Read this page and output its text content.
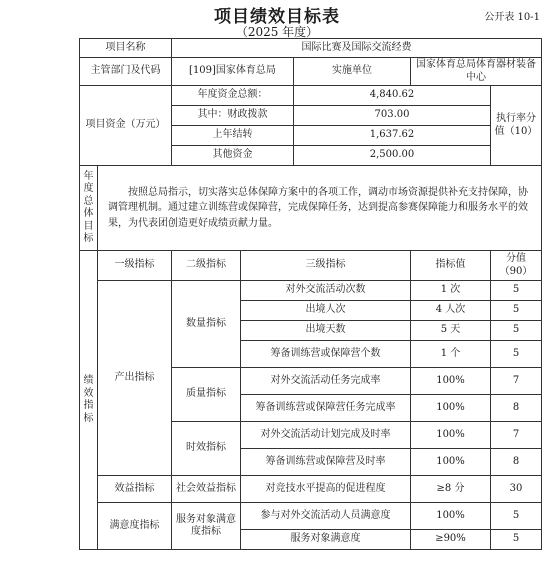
项目绩效目标表
（2025 年度）
公开表 10-1
项目名称		国际比赛及国际交流经费				
主管部门及代码		[109]国家体育总局		实施单位	国家体育总局体育器材装备中心	
项目资金（万元）		年度资金总额：		4,840.62		执行率分值（10）
		其中：财政拨款		703.00		
		上年结转		1,637.62		
		其他资金		2,500.00		
年度总体目标	按照总局指示，切实落实总体保障方案中的各项工作，调动市场资源提供补充支持保障，协调管理机制。通过建立训练营或保障营，完成保障任务，达到提高参赛保障能力和服务水平的效果，为代表团创造更好成绩贡献力量。					
绩效指标	一级指标	二级指标	三级指标		指标值	分值（90）
	产出指标	数量指标	对外交流活动次数		1 次	5
			出境人次		4 人次	5
			出境天数		5 天	5
			筹备训练营或保障营个数		1 个	5
		质量指标	对外交流活动任务完成率		100%	7
			筹备训练营或保障营任务完成率		100%	8
		时效指标	对外交流活动计划完成及时率		100%	7
			筹备训练营或保障营及时率		100%	8
	效益指标	社会效益指标	对竞技水平提高的促进程度		≥8 分	30
	满意度指标	服务对象满意度指标	参与对外交流活动人员满意度		100%	5
			服务对象满意度		≥90%	5
